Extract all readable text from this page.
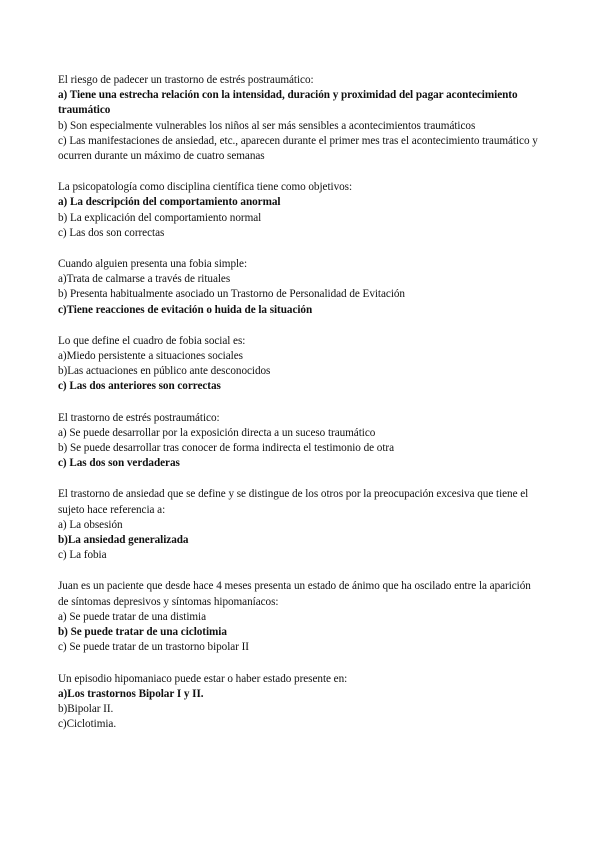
El riesgo de padecer un trastorno de estrés postraumático:
a) Tiene una estrecha relación con la intensidad, duración y proximidad del pagar acontecimiento traumático
b) Son especialmente vulnerables los niños al ser más sensibles a acontecimientos traumáticos
c) Las manifestaciones de ansiedad, etc., aparecen durante el primer mes tras el acontecimiento traumático y ocurren durante un máximo de cuatro semanas
La psicopatología como disciplina científica tiene como objetivos:
a) La descripción del comportamiento anormal
b) La explicación del comportamiento normal
c) Las dos son correctas
Cuando alguien presenta una fobia simple:
a)Trata de calmarse a través de rituales
b) Presenta habitualmente asociado un Trastorno de Personalidad de Evitación
c)Tiene reacciones de evitación o huida de la situación
Lo que define el cuadro de fobia social es:
a)Miedo persistente a situaciones sociales
b)Las actuaciones en público ante desconocidos
c) Las dos anteriores son correctas
El trastorno de estrés postraumático:
a) Se puede desarrollar por la exposición directa a un suceso traumático
b) Se puede desarrollar tras conocer de forma indirecta el testimonio de otra
c) Las dos son verdaderas
El trastorno de ansiedad que se define y se distingue de los otros por la preocupación excesiva que tiene el sujeto hace referencia a:
a) La obsesión
b)La ansiedad generalizada
c) La fobia
Juan es un paciente que desde hace 4 meses presenta un estado de ánimo que ha oscilado entre la aparición de síntomas depresivos y síntomas hipomaníacos:
a) Se puede tratar de una distimia
b) Se puede tratar de una ciclotimia
c) Se puede tratar de un trastorno bipolar II
Un episodio hipomaniaco puede estar o haber estado presente en:
a)Los trastornos Bipolar I y II.
b)Bipolar II.
c)Ciclotimia.
